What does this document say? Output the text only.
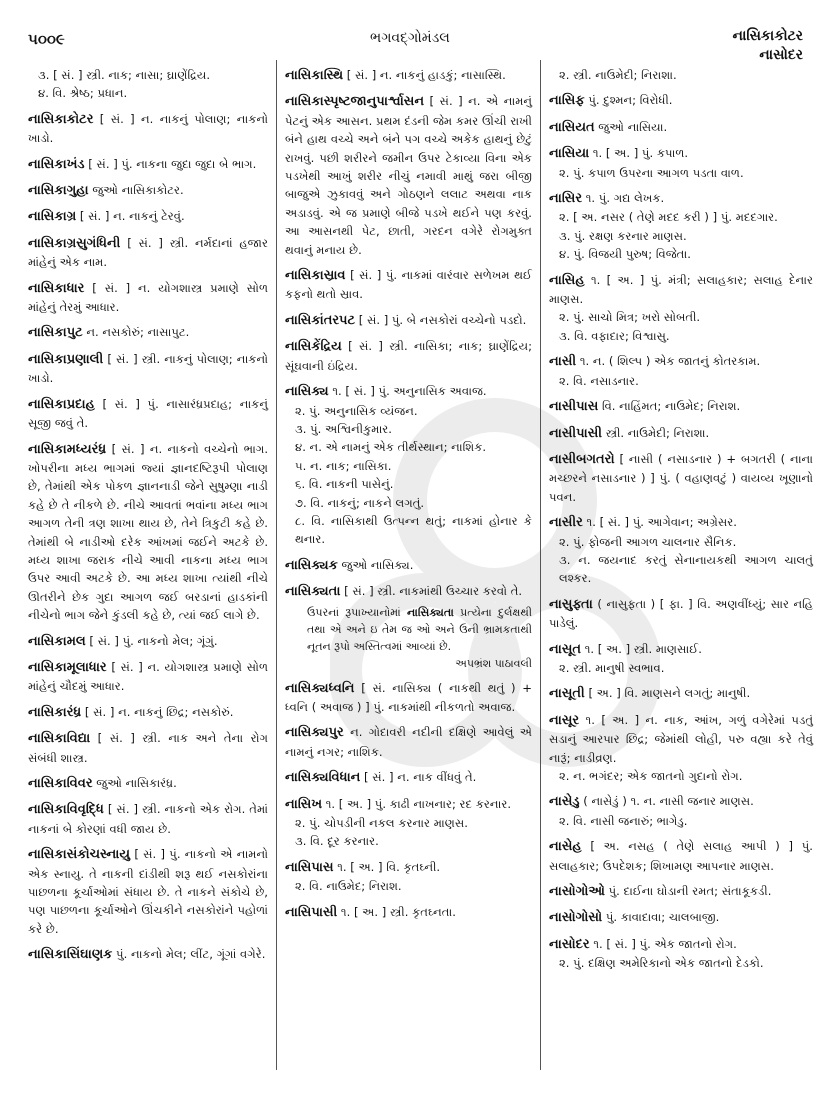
૫૦૦૯	ભગવદ્ગોમંડલ	નાસિકાકોટર
નાસોદર
૩. [ સં. ] સ્ત્રી. નાક; નાસા; ઘ્રાણેંદ્રિય.
૪. વિ. શ્રેષ્ઠ; પ્રધાન.
નાસિકાકોટર [ સં. ] ન. નાકનું પોલાણ; નાકનો ખાડો.
નાસિકાખંડ [ સં. ] પું. નાકના જુદા જુદા બે ભાગ.
નાસિકાગુહા જુઓ નાસિકાકોટર.
નાસિકાગ્ર [ સં. ] ન. નાકનું ટેરવું.
નાસિકાગ્રસુગંધિની [ સં. ] સ્ત્રી. નર્મદાનાં હજાર માંહેનું એક નામ.
નાસિકાધાર [ સં. ] ન. યોગશાસ્ત્ર પ્રમાણે સોળ માંહેનું તેરમું આધાર.
નાસિકાપુટ ન. નસકોરું; નાસાપુટ.
નાસિકાપ્રણાલી [ સં. ] સ્ત્રી. નાકનું પોલાણ; નાકનો ખાડો.
નાસિકાપ્રદાહ [ સં. ] પું. નાસારંધ્રપ્રદાહ; નાકનું સૂજી જવું તે.
નાસિકામધ્યરંધ્ર [ સં. ] ન. નાકનો વચ્ચેનો ભાગ. ખોપરીના મધ્ય ભાગમાં જ્યાં જ્ઞાનદષ્ટિરૂપી પોલાણ છે, તેમાંથી એક પોકળ જ્ઞાનનાડી જેને સુષુમ્ણા નાડી કહે છે તે નીકળે છે. નીચે આવતાં ભવાંના મધ્ય ભાગ આગળ તેની ત્રણ શાખા થાય છે, તેને ત્રિકુટી કહે છે. તેમાંથી બે નાડીઓ દરેક આંખમાં જઈને અટકે છે. મધ્ય શાખા જરાક નીચે આવી નાકના મધ્ય ભાગ ઉપર આવી અટકે છે. આ મધ્ય શાખા ત્યાંથી નીચે ઊતરીને છેક ગુદા આગળ જઈ બરડાનાં હાડકાંની નીચેનો ભાગ જેને કુંડલી કહે છે, ત્યાં જઈ લાગે છે.
નાસિકામલ [ સં. ] પું. નાકનો મેલ; ગૂંગું.
નાસિકામૂલાધાર [ સં. ] ન. યોગશાસ્ત્ર પ્રમાણે સોળ માંહેનું ચૌદમું આધાર.
નાસિકારંધ્ર [ સં. ] ન. નાકનું છિદ્ર; નસકોરું.
નાસિકાવિદ્યા [ સં. ] સ્ત્રી. નાક અને તેના રોગ સંબંધી શાસ્ત્ર.
નાસિકાવિવર જુઓ નાસિકારંધ્ર.
નાસિકાવિવૃદ્ધિ [ સં. ] સ્ત્રી. નાકનો એક રોગ. તેમાં નાકનાં બે કોરણાં વધી જાય છે.
નાસિકાસંકોચસ્નાયુ [ સં. ] પું. નાકનો એ નામનો એક સ્નાયુ. તે નાકની દાંડીથી શરૂ થઈ નસકોરાંના પાછળના કૂર્ચાઓમાં સંધાય છે. તે નાકને સંકોચે છે, પણ પાછળના કૂર્ચાઓને ઊંચકીને નસકોરાંને પહોળાં કરે છે.
નાસિકાસિંઘાણક પું. નાકનો મેલ; લીંટ, ગૂંગાં વગેરે.
નાસિકાસ્થિ [ સં. ] ન. નાકનું હાડકું; નાસાસ્થિ.
નાસિકાસ્પૃષ્ટજાનુપાર્શ્વાસન [ સં. ] ન. એ નામનું પેટનું એક આસન. પ્રથમ દંડની જેમ કમર ઊંચી રાખી બંને હાથ વચ્ચે અને બંને પગ વચ્ચે અકેક હાથનું છેટું રાખવું. પછી શરીરને જમીન ઉપર ટેકાવ્યા વિના એક પડખેથી આખું શરીર નીચું નમાવી માથું જરા બીજી બાજુએ ઝુકાવવું અને ગોઠણને લલાટ અથવા નાક અડાડવું. એ જ પ્રમાણે બીજે પડખે થઈને પણ કરવું. આ આસનથી પેટ, છાતી, ગરદન વગેરે રોગમુક્ત થવાનું મનાય છે.
નાસિકાસ્રાવ [ સં. ] પું. નાકમાં વારંવાર સળેખમ થઈ કફનો થતો સ્રાવ.
નાસિકાંતરપટ [ સં. ] પું. બે નસકોરાં વચ્ચેનો પડદો.
નાસિકેંદ્રિય [ સં. ] સ્ત્રી. નાસિકા; નાક; ઘ્રાણેંદ્રિય; સૂંઘવાની ઇંદ્રિય.
નાસિક્ય ૧. [ સં. ] પું. અનુનાસિક અવાજ.
૨. પું. અનુનાસિક વ્યંજન.
૩. પું. અશ્વિનીકુમાર.
૪. ન. એ નામનું એક તીર્થસ્થાન; નાશિક.
૫. ન. નાક; નાસિકા.
૬. વિ. નાકની પાસેનું.
૭. વિ. નાકનું; નાકને લગતું.
૮. વિ. નાસિકાથી ઉત્પન્ન થતું; નાકમાં હોનાર કે થનાર.
નાસિક્યક જુઓ નાસિક્ય.
નાસિક્યતા [ સં. ] સ્ત્રી. નાકમાંથી ઉચ્ચાર કરવો તે.
ઉપરનાં રૂપાખ્યાનોમાં નાસિક્યતા પ્રત્યેના દુર્લક્ષથી તથા એ અને ઇ તેમ જ ઓ અને ઉની ભ્રામકતાથી નૂતન રૂપો અસ્તિત્વમાં આવ્યાં છે.
અપભ્રંશ પાઠાવલી
નાસિક્યધ્વનિ [ સં. નાસિક્ય ( નાકથી થતું ) + ધ્વનિ ( અવાજ ) ] પું. નાકમાંથી નીકળતો અવાજ.
નાસિક્યપુર ન. ગોદાવરી નદીની દક્ષિણે આવેલું એ નામનું નગર; નાશિક.
નાસિક્યવિધાન [ સં. ] ન. નાક વીંધવું તે.
નાસિખ ૧. [ અ. ] પું. કાઢી નાખનાર; રદ કરનાર.
૨. પું. ચોપડીની નકલ કરનાર માણસ.
૩. વિ. દૂર કરનાર.
નાસિપાસ ૧. [ અ. ] વિ. કૃતઘ્ની.
૨. વિ. નાઉમેદ; નિરાશ.
નાસિપાસી ૧. [ અ. ] સ્ત્રી. કૃતઘ્નતા.
૨. સ્ત્રી. નાઉમેદી; નિરાશા.
નાસિફ પું. દુશ્મન; વિરોધી.
નાસિયત જુઓ નાસિયા.
નાસિયા ૧. [ અ. ] પું. કપાળ.
૨. પું. કપાળ ઉપરના આગળ પડતા વાળ.
નાસિર ૧. પું. ગદ્ય લેખક.
૨. [ અ. નસર ( તેણે મદદ કરી ) ] પું. મદદગાર.
૩. પું. રક્ષણ કરનાર માણસ.
૪. પું. વિજયી પુરુષ; વિજેતા.
નાસિહ ૧. [ અ. ] પું. મંત્રી; સલાહકાર; સલાહ દેનાર માણસ.
૨. પું. સાચો મિત્ર; ખરો સોબતી.
૩. વિ. વફાદાર; વિશ્વાસુ.
નાસી ૧. ન. ( શિલ્પ ) એક જાતનું કોતરકામ.
૨. વિ. નસાડનાર.
નાસીપાસ વિ. નાહિંમત; નાઉમેદ; નિરાશ.
નાસીપાસી સ્ત્રી. નાઉમેદી; નિરાશા.
નાસીબગતરો [ નાસી ( નસાડનાર ) + બગતરી ( નાના મચ્છરને નસાડનાર ) ] પું. ( વહાણવટું ) વાયવ્ય ખૂણાનો પવન.
નાસીર ૧. [ સં. ] પું. આગેવાન; અગ્રેસર.
૨. પું. ફોજની આગળ ચાલનાર સૈનિક.
૩. ન. જયનાદ કરતું સેનાનાયકથી આગળ ચાલતું લશ્કર.
નાસુફ્તા ( નાસુફતા ) [ ફા. ] વિ. અણવીંધ્યું; સાર નહિ પાડેલું.
નાસૂત ૧. [ અ. ] સ્ત્રી. માણસાઈ.
૨. સ્ત્રી. માનુષી સ્વભાવ.
નાસૂતી [ અ. ] વિ. માણસને લગતું; માનુષી.
નાસૂર ૧. [ અ. ] ન. નાક, આંખ, ગળું વગેરેમાં પડતું સડાનું આરપાર છિદ્ર; જેમાંથી લોહી, પરુ વહ્યા કરે તેવું નારૂં; નાડીવ્રણ.
૨. ન. ભગંદર; એક જાતનો ગુદાનો રોગ.
નાસેડુ ( નાસેડું ) ૧. ન. નાસી જનાર માણસ.
૨. વિ. નાસી જનારું; ભાગેડુ.
નાસેહ [ અ. નસહ ( તેણે સલાહ આપી ) ] પું. સલાહકાર; ઉપદેશક; શિખામણ આપનાર માણસ.
નાસોગોઓ પું. દાઈના ઘોડાની રમત; સંતાકૂકડી.
નાસોગોસો પું. કાવાદાવા; ચાલબાજી.
નાસોદર ૧. [ સં. ] પું. એક જાતનો રોગ.
૨. પું. દક્ષિણ અમેરિકાનો એક જાતનો દેડકો.
